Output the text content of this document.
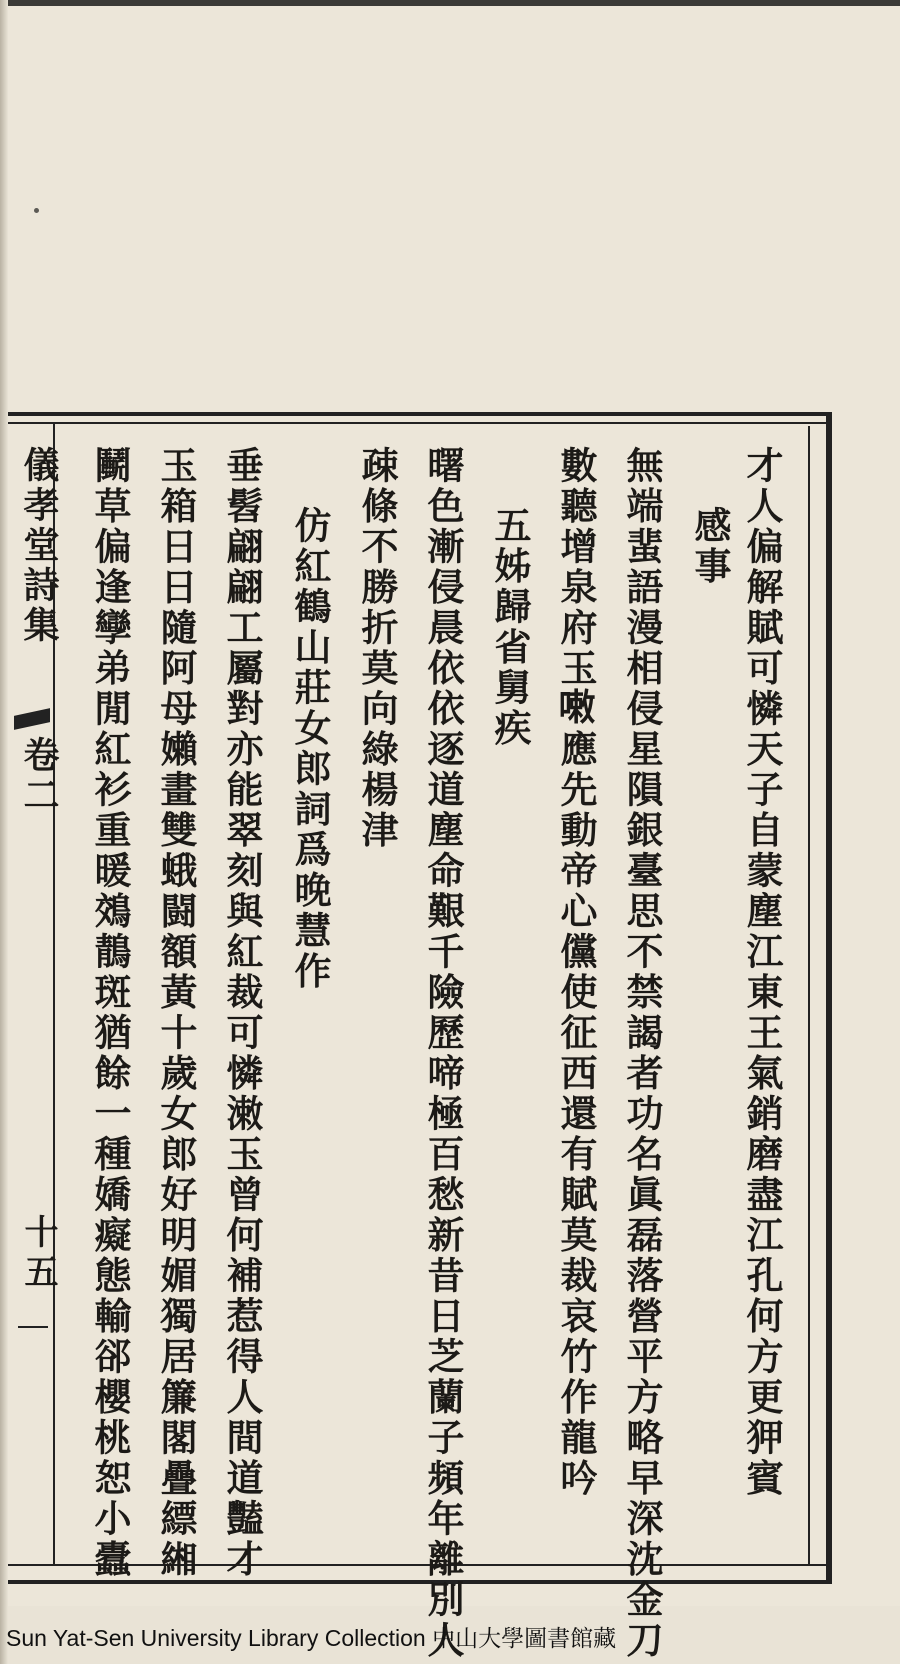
才人偏解賦可憐天子自蒙塵江東王氣銷磨盡江孔何方更狎賓
感事
無端蜚語漫相侵星隕銀臺思不禁謁者功名眞磊落營平方略早深沈金刀
數聽增泉府玉𠻳應先動帝心儻使征西還有賦莫裁哀竹作龍吟
五姊歸省舅疾
曙色漸侵晨依依逐道塵命艱千險歷啼極百愁新昔日芝蘭子頻年離別人
疎條不勝折莫向綠楊津
仿紅鶴山莊女郎詞爲晚慧作
垂髫翩翩工屬對亦能翠刻與紅裁可憐潄玉曾何補惹得人間道豔才
玉箱日日隨阿母嬾畫雙蛾闘額黃十歲女郎好明媚獨居簾閣疊縹緗
鬭草偏逢孿弟閒紅衫重暖鵁鶄斑猶餘一種嬌癡態輸郤櫻桃恕小蠹
儀孝堂詩集
卷二
十五
Sun Yat-Sen University Library Collection 中山大學圖書館藏
